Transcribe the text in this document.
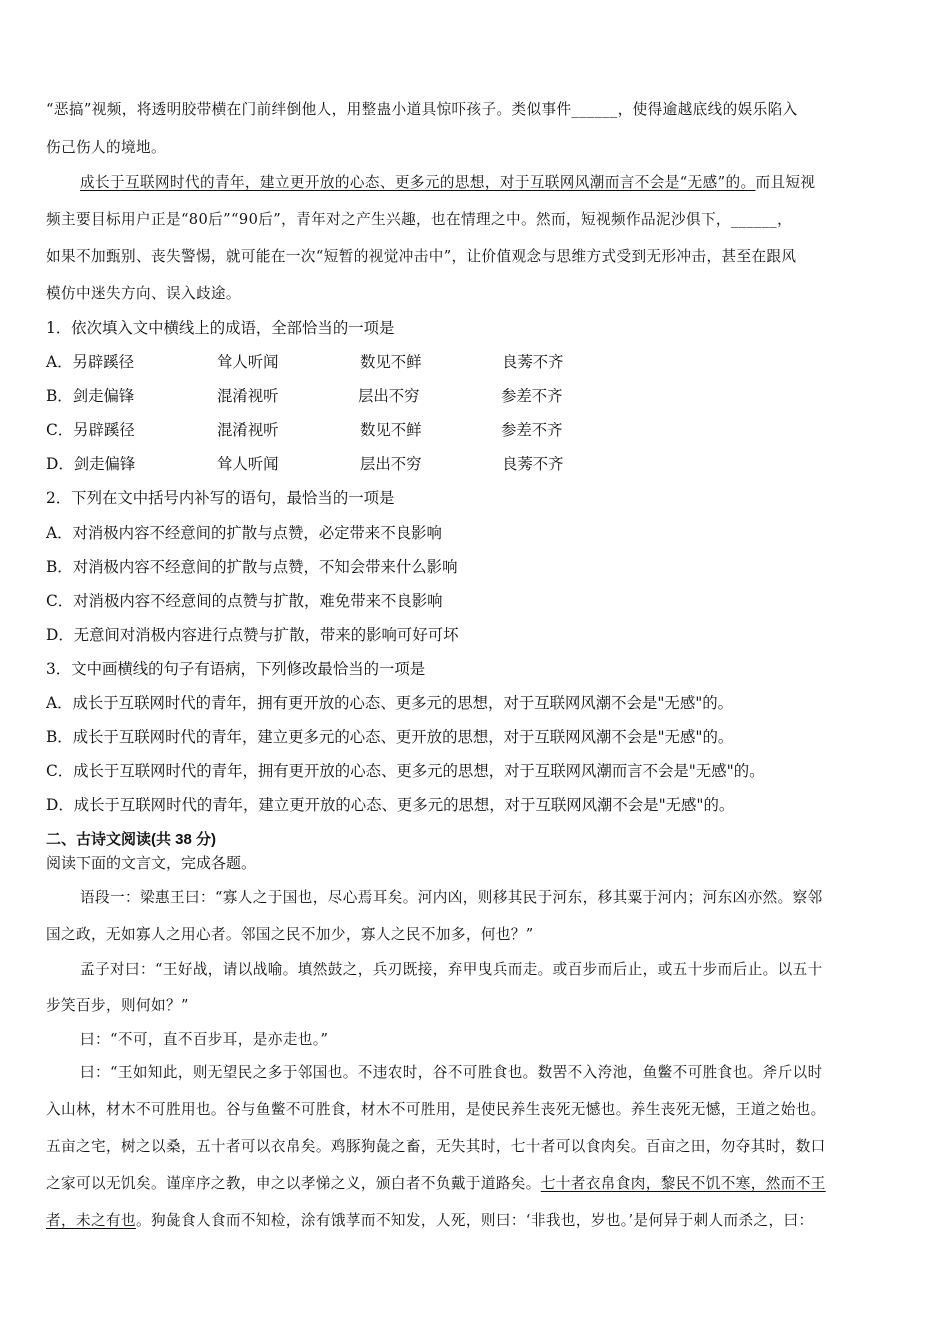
“恶搞”视频，将透明胶带横在门前绊倒他人，用整蛊小道具惊吓孩子。类似事件______，使得逾越底线的娱乐陷入
伤己伤人的境地。
成长于互联网时代的青年，建立更开放的心态、更多元的思想，对于互联网风潮而言不会是“无感”的。而且短视
频主要目标用户正是“80后”“90后”，青年对之产生兴趣，也在情理之中。然而，短视频作品泥沙俱下，______，
如果不加甄别、丧失警惕，就可能在一次“短暂的视觉冲击中”，让价值观念与思维方式受到无形冲击，甚至在跟风
模仿中迷失方向、误入歧途。
1．依次填入文中横线上的成语，全部恰当的一项是
A．另辟蹊径	耸人听闻	数见不鲜	良莠不齐
B．剑走偏锋	混淆视听	层出不穷	参差不齐
C．另辟蹊径	混淆视听	数见不鲜	参差不齐
D．剑走偏锋	耸人听闻	层出不穷	良莠不齐
2．下列在文中括号内补写的语句，最恰当的一项是
A．对消极内容不经意间的扩散与点赞，必定带来不良影响
B．对消极内容不经意间的扩散与点赞，不知会带来什么影响
C．对消极内容不经意间的点赞与扩散，难免带来不良影响
D．无意间对消极内容进行点赞与扩散，带来的影响可好可坏
3．文中画横线的句子有语病，下列修改最恰当的一项是
A．成长于互联网时代的青年，拥有更开放的心态、更多元的思想，对于互联网风潮不会是"无感"的。
B．成长于互联网时代的青年，建立更多元的心态、更开放的思想，对于互联网风潮不会是"无感"的。
C．成长于互联网时代的青年，拥有更开放的心态、更多元的思想，对于互联网风潮而言不会是"无感"的。
D．成长于互联网时代的青年，建立更开放的心态、更多元的思想，对于互联网风潮不会是"无感"的。
二、古诗文阅读(共 38 分)
阅读下面的文言文，完成各题。
语段一：梁惠王曰：“寡人之于国也，尽心焉耳矣。河内凶，则移其民于河东，移其粟于河内；河东凶亦然。察邻
国之政，无如寡人之用心者。邻国之民不加少，寡人之民不加多，何也？”
孟子对曰：“王好战，请以战喻。填然鼓之，兵刃既接，弃甲曳兵而走。或百步而后止，或五十步而后止。以五十
步笑百步，则何如？”
曰：“不可，直不百步耳，是亦走也。”
曰：“王如知此，则无望民之多于邻国也。不违农时，谷不可胜食也。数罟不入洿池，鱼鳖不可胜食也。斧斤以时
入山林，材木不可胜用也。谷与鱼鳖不可胜食，材木不可胜用，是使民养生丧死无憾也。养生丧死无憾，王道之始也。
五亩之宅，树之以桑，五十者可以衣帛矣。鸡豚狗彘之畜，无失其时，七十者可以食肉矣。百亩之田，勿夺其时，数口
之家可以无饥矣。谨庠序之教，申之以孝悌之义，颁白者不负戴于道路矣。七十者衣帛食肉，黎民不饥不寒，然而不王
者，未之有也。狗彘食人食而不知检，涂有饿莩而不知发，人死，则曰：‘非我也，岁也。’是何异于刺人而杀之，曰：
